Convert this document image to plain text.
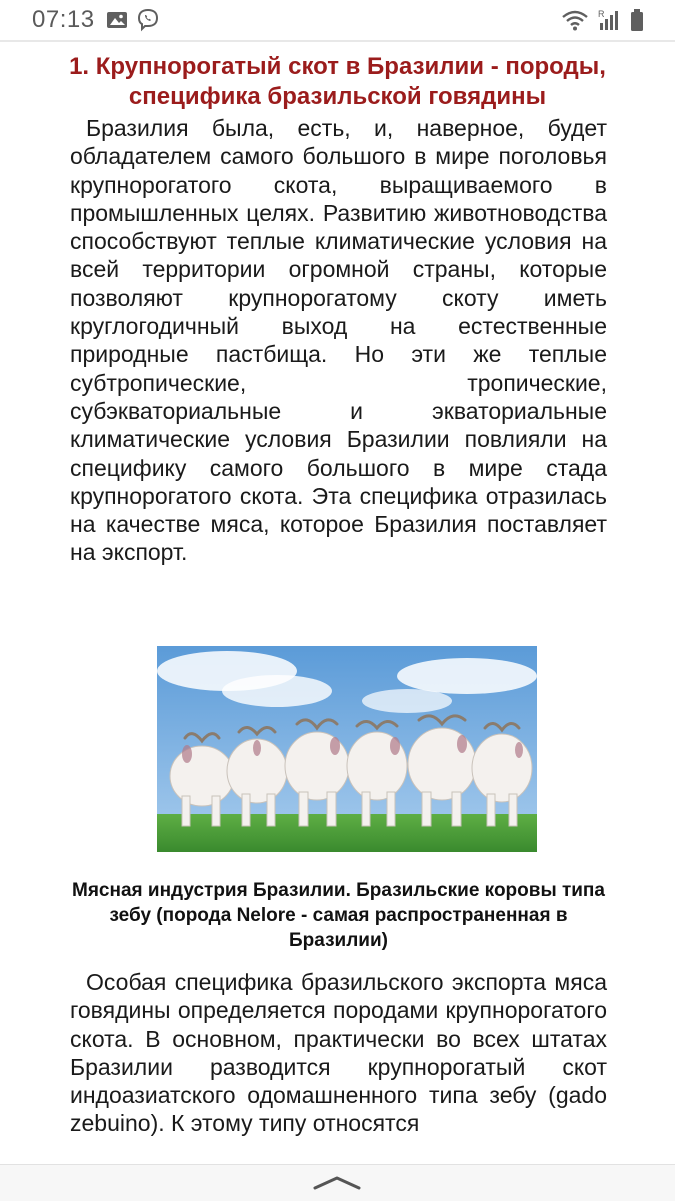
07:13	R
1. Крупнорогатый скот в Бразилии - породы, специфика бразильской говядины
Бразилия была, есть, и, наверное, будет обладателем самого большого в мире поголовья крупнорогатого скота, выращиваемого в промышленных целях. Развитию животноводства способствуют теплые климатические условия на всей территории огромной страны, которые позволяют крупнорогатому скоту иметь круглогодичный выход на естественные природные пастбища. Но эти же теплые субтропические, тропические, субэкваториальные и экваториальные климатические условия Бразилии повлияли на специфику самого большого в мире стада крупнорогатого скота. Эта специфика отразилась на качестве мяса, которое Бразилия поставляет на экспорт.
Мясная индустрия Бразилии. Бразильские коровы типа зебу (порода Nelore - самая распространенная в Бразилии)
Особая специфика бразильского экспорта мяса говядины определяется породами крупнорогатого скота. В основном, практически во всех штатах Бразилии разводится крупнорогатый скот индоазиатского одомашненного типа зебу (gado zebuino). К этому типу относятся
